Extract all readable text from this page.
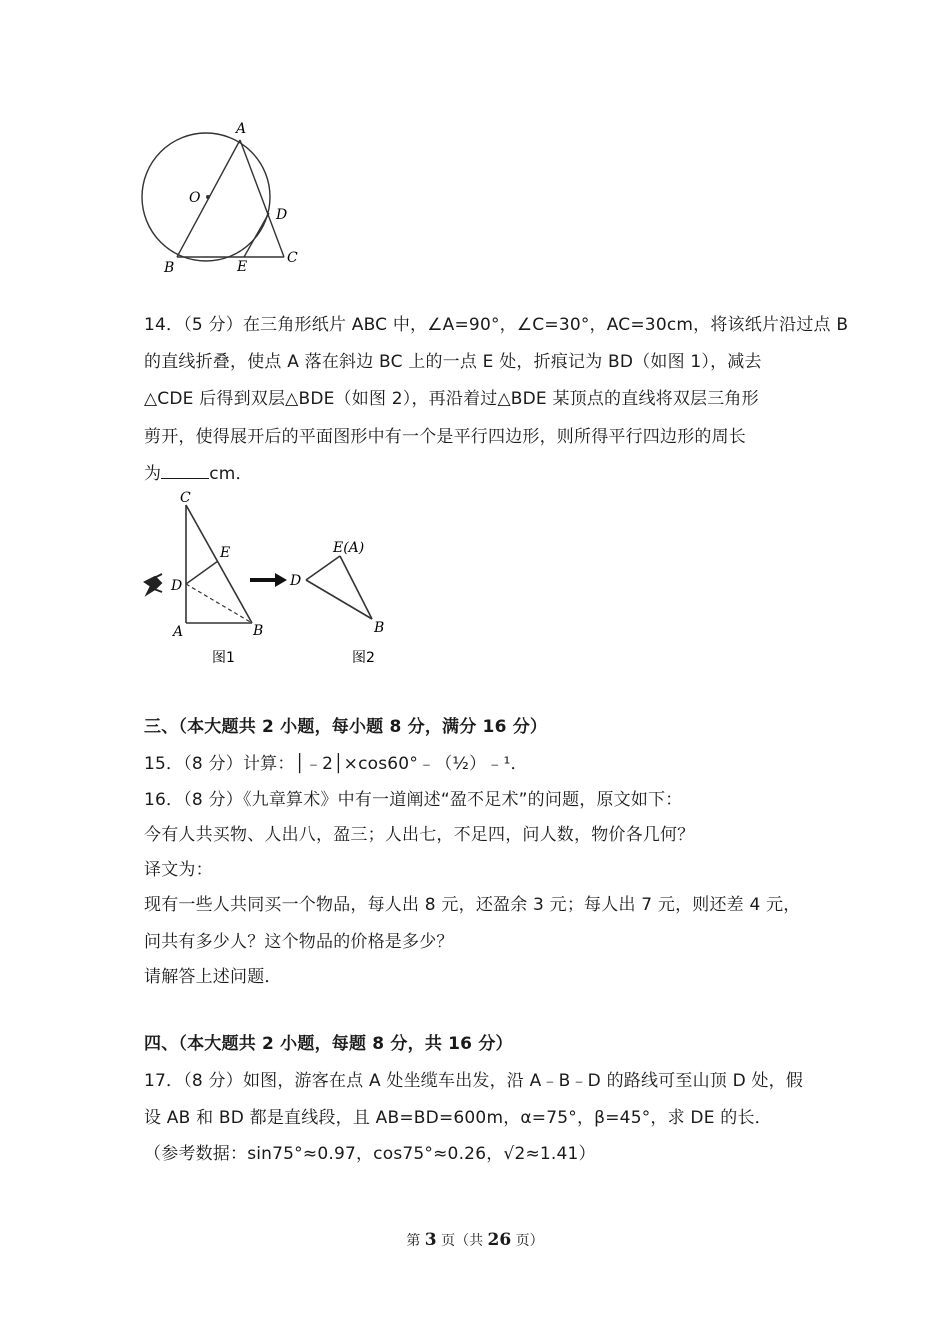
A
O
D
B	E
C
14．（5 分）在三角形纸片 ABC 中，∠A=90°，∠C=30°，AC=30cm，将该纸片沿过点 B
的直线折叠，使点 A 落在斜边 BC 上的一点 E 处，折痕记为 BD（如图 1），减去
△CDE 后得到双层△BDE（如图 2），再沿着过△BDE 某顶点的直线将双层三角形
剪开，使得展开后的平面图形中有一个是平行四边形，则所得平行四边形的周长
为	cm．
C
E
D
A	B
图1
E(A)
D
B
图2
三、（本大题共 2 小题，每小题 8 分，满分 16 分）
15．（8 分）计算：│﹣2│×cos60°﹣（½）﹣¹．
16．（8 分）《九章算术》中有一道阐述“盈不足术”的问题，原文如下：
今有人共买物、人出八，盈三；人出七，不足四，问人数，物价各几何？
译文为：
现有一些人共同买一个物品，每人出 8 元，还盈余 3 元；每人出 7 元，则还差 4 元，
问共有多少人？这个物品的价格是多少？
请解答上述问题．
四、（本大题共 2 小题，每题 8 分，共 16 分）
17．（8 分）如图，游客在点 A 处坐缆车出发，沿 A﹣B﹣D 的路线可至山顶 D 处，假
设 AB 和 BD 都是直线段，且 AB=BD=600m，α=75°，β=45°，求 DE 的长．
（参考数据：sin75°≈0.97，cos75°≈0.26，√2≈1.41）
第 3 页（共 26 页）
